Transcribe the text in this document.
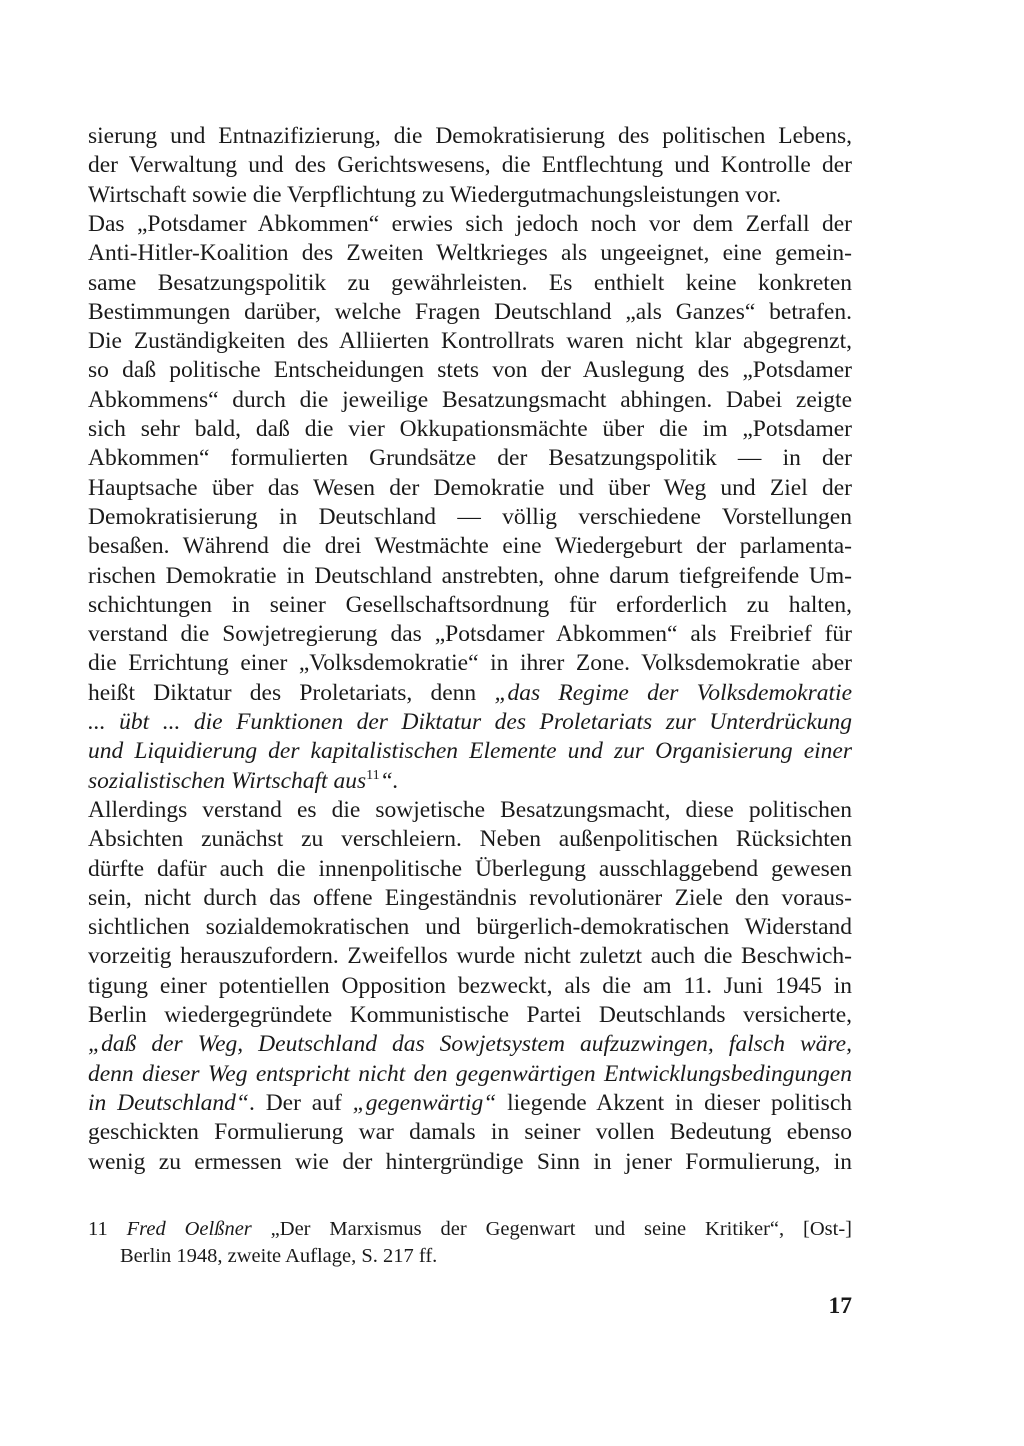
sierung und Entnazifizierung, die Demokratisierung des politischen Lebens,
der Verwaltung und des Gerichtswesens, die Entflechtung und Kontrolle der
Wirtschaft sowie die Verpflichtung zu Wiedergutmachungsleistungen vor.
Das „Potsdamer Abkommen“ erwies sich jedoch noch vor dem Zerfall der
Anti-Hitler-Koalition des Zweiten Weltkrieges als ungeeignet, eine gemein-
same Besatzungspolitik zu gewährleisten. Es enthielt keine konkreten
Bestimmungen darüber, welche Fragen Deutschland „als Ganzes“ betrafen.
Die Zuständigkeiten des Alliierten Kontrollrats waren nicht klar abgegrenzt,
so daß politische Entscheidungen stets von der Auslegung des „Potsdamer
Abkommens“ durch die jeweilige Besatzungsmacht abhingen. Dabei zeigte
sich sehr bald, daß die vier Okkupationsmächte über die im „Potsdamer
Abkommen“ formulierten Grundsätze der Besatzungspolitik — in der
Hauptsache über das Wesen der Demokratie und über Weg und Ziel der
Demokratisierung in Deutschland — völlig verschiedene Vorstellungen
besaßen. Während die drei Westmächte eine Wiedergeburt der parlamenta-
rischen Demokratie in Deutschland anstrebten, ohne darum tiefgreifende Um-
schichtungen in seiner Gesellschaftsordnung für erforderlich zu halten,
verstand die Sowjetregierung das „Potsdamer Abkommen“ als Freibrief für
die Errichtung einer „Volksdemokratie“ in ihrer Zone. Volksdemokratie aber
heißt Diktatur des Proletariats, denn „das Regime der Volksdemokratie
... übt ... die Funktionen der Diktatur des Proletariats zur Unterdrückung
und Liquidierung der kapitalistischen Elemente und zur Organisierung einer
sozialistischen Wirtschaft aus$^{11}$“.
Allerdings verstand es die sowjetische Besatzungsmacht, diese politischen
Absichten zunächst zu verschleiern. Neben außenpolitischen Rücksichten
dürfte dafür auch die innenpolitische Überlegung ausschlaggebend gewesen
sein, nicht durch das offene Eingeständnis revolutionärer Ziele den voraus-
sichtlichen sozialdemokratischen und bürgerlich-demokratischen Widerstand
vorzeitig herauszufordern. Zweifellos wurde nicht zuletzt auch die Beschwich-
tigung einer potentiellen Opposition bezweckt, als die am 11. Juni 1945 in
Berlin wiedergegründete Kommunistische Partei Deutschlands versicherte,
„daß der Weg, Deutschland das Sowjetsystem aufzuzwingen, falsch wäre,
denn dieser Weg entspricht nicht den gegenwärtigen Entwicklungsbedingungen
in Deutschland“. Der auf „gegenwärtig“ liegende Akzent in dieser politisch
geschickten Formulierung war damals in seiner vollen Bedeutung ebenso
wenig zu ermessen wie der hintergründige Sinn in jener Formulierung, in
11 Fred Oelßner „Der Marxismus der Gegenwart und seine Kritiker“, [Ost-]
Berlin 1948, zweite Auflage, S. 217 ff.
17
